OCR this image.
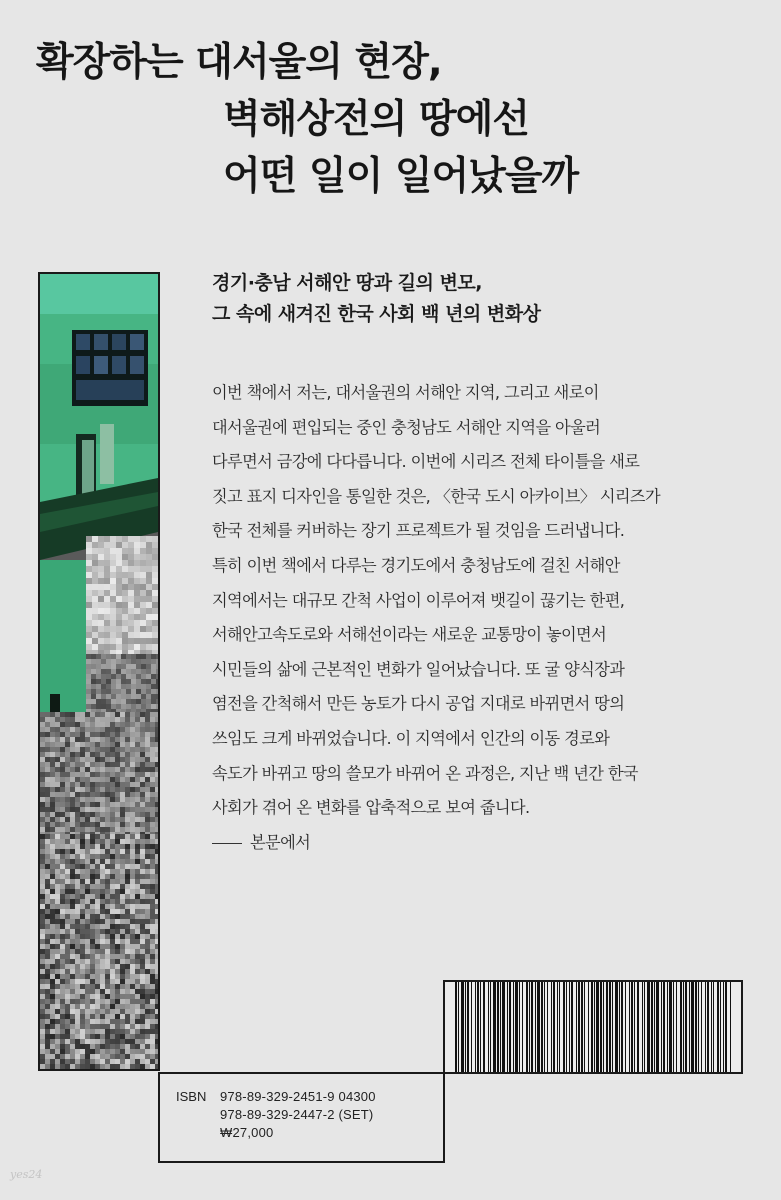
확장하는 대서울의 현장,
벽해상전의 땅에선
어떤 일이 일어났을까
경기·충남 서해안 땅과 길의 변모,
그 속에 새겨진 한국 사회 백 년의 변화상
이번 책에서 저는, 대서울권의 서해안 지역, 그리고 새로이
대서울권에 편입되는 중인 충청남도 서해안 지역을 아울러
다루면서 금강에 다다릅니다. 이번에 시리즈 전체 타이틀을 새로
짓고 표지 디자인을 통일한 것은, 〈한국 도시 아카이브〉 시리즈가
한국 전체를 커버하는 장기 프로젝트가 될 것임을 드러냅니다.
특히 이번 책에서 다루는 경기도에서 충청남도에 걸친 서해안
지역에서는 대규모 간척 사업이 이루어져 뱃길이 끊기는 한편,
서해안고속도로와 서해선이라는 새로운 교통망이 놓이면서
시민들의 삶에 근본적인 변화가 일어났습니다. 또 굴 양식장과
염전을 간척해서 만든 농토가 다시 공업 지대로 바뀌면서 땅의
쓰임도 크게 바뀌었습니다. 이 지역에서 인간의 이동 경로와
속도가 바뀌고 땅의 쓸모가 바뀌어 온 과정은, 지난 백 년간 한국
사회가 겪어 온 변화를 압축적으로 보여 줍니다.
본문에서
ISBN 978-89-329-2451-9 04300
978-89-329-2447-2 (SET)
₩27,000
yes24
